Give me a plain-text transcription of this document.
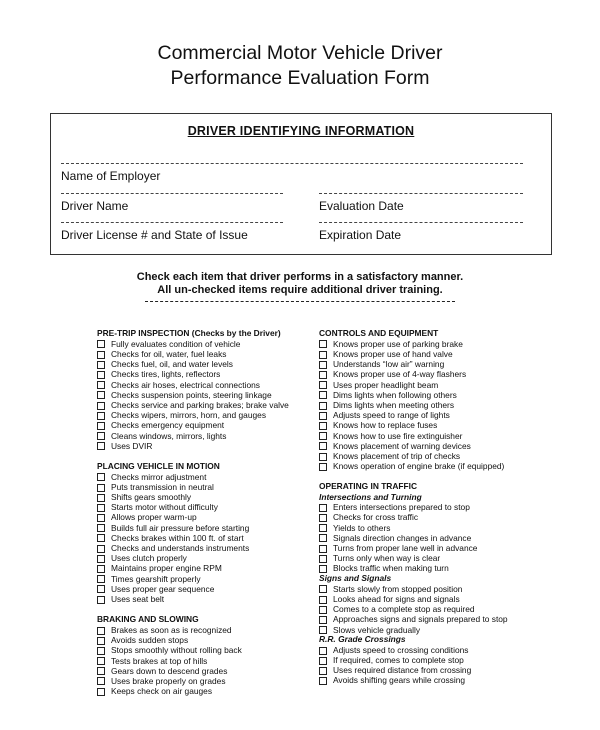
Commercial Motor Vehicle Driver
Performance Evaluation Form
DRIVER IDENTIFYING INFORMATION
Name of Employer
Driver Name	Evaluation Date
Driver License # and State of Issue	Expiration Date
Check each item that driver performs in a satisfactory manner.
All un-checked items require additional driver training.
PRE-TRIP INSPECTION (Checks by the Driver)
Fully evaluates condition of vehicle
Checks for oil, water, fuel leaks
Checks fuel, oil, and water levels
Checks tires, lights, reflectors
Checks air hoses, electrical connections
Checks suspension points, steering linkage
Checks service and parking brakes; brake valve
Checks wipers, mirrors, horn, and gauges
Checks emergency equipment
Cleans windows, mirrors, lights
Uses DVIR
PLACING VEHICLE IN MOTION
Checks mirror adjustment
Puts transmission in neutral
Shifts gears smoothly
Starts motor without difficulty
Allows proper warm-up
Builds full air pressure before starting
Checks brakes within 100 ft. of start
Checks and understands instruments
Uses clutch properly
Maintains proper engine RPM
Times gearshift properly
Uses proper gear sequence
Uses seat belt
BRAKING AND SLOWING
Brakes as soon as is recognized
Avoids sudden stops
Stops smoothly without rolling back
Tests brakes at top of hills
Gears down to descend grades
Uses brake properly on grades
Keeps check on air gauges
CONTROLS AND EQUIPMENT
Knows proper use of parking brake
Knows proper use of hand valve
Understands “low air” warning
Knows proper use of 4-way flashers
Uses proper headlight beam
Dims lights when following others
Dims lights when meeting others
Adjusts speed to range of lights
Knows how to replace fuses
Knows how to use fire extinguisher
Knows placement of warning devices
Knows placement of trip of checks
Knows operation of engine brake (if equipped)
OPERATING IN TRAFFIC
Intersections and Turning
Enters intersections prepared to stop
Checks for cross traffic
Yields to others
Signals direction changes in advance
Turns from proper lane well in advance
Turns only when way is clear
Blocks traffic when making turn
Signs and Signals
Starts slowly from stopped position
Looks ahead for signs and signals
Comes to a complete stop as required
Approaches signs and signals prepared to stop
Slows vehicle gradually
R.R. Grade Crossings
Adjusts speed to crossing conditions
If required, comes to complete stop
Uses required distance from crossing
Avoids shifting gears while crossing
